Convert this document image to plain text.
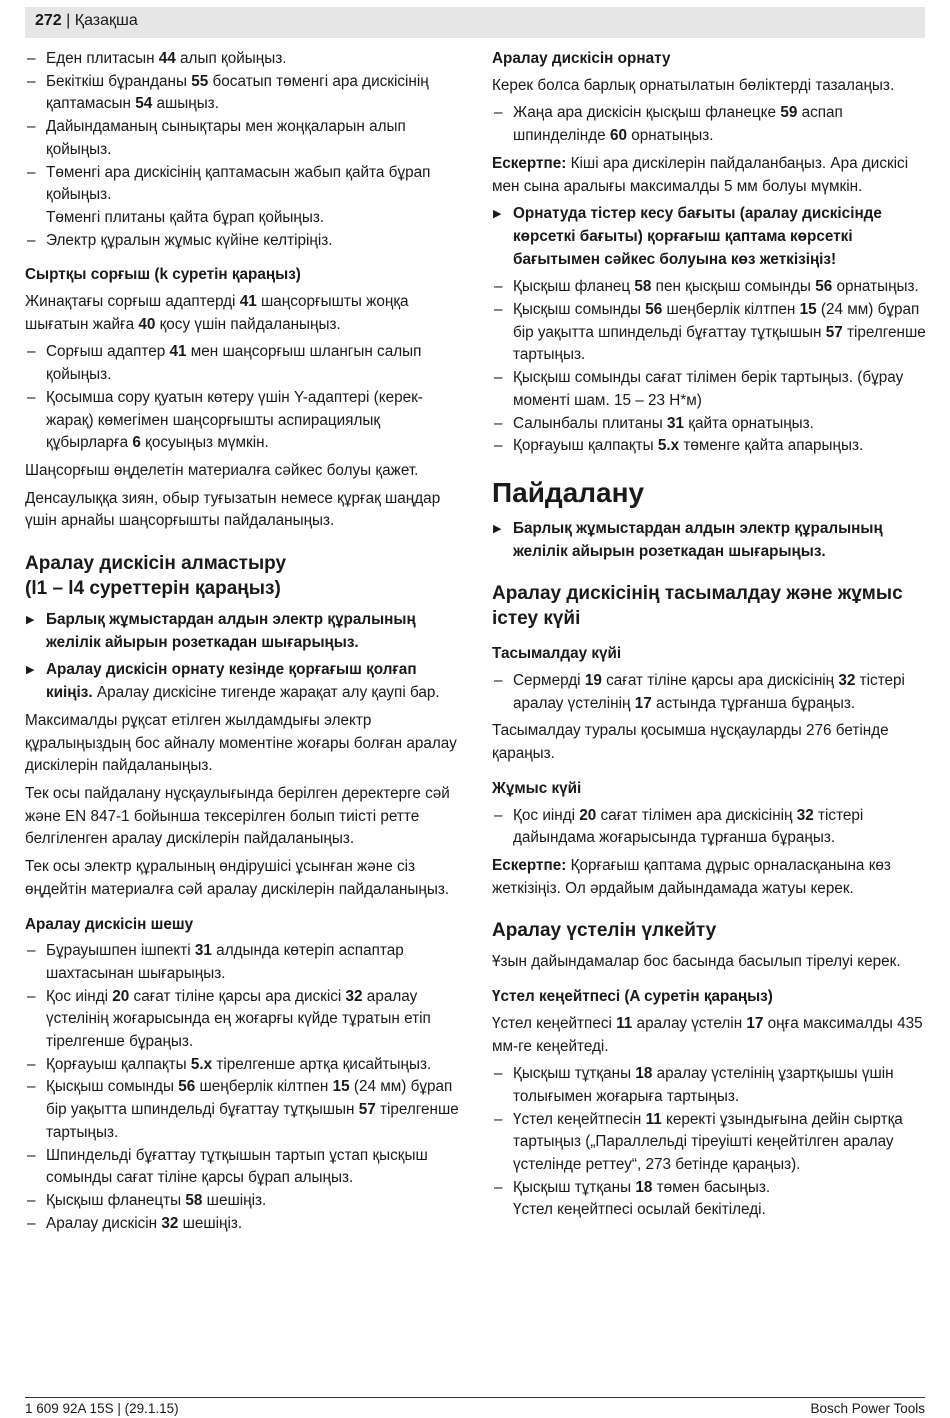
272 | Қазақша

– Еден плитасын 44 алып қойыңыз.

– Бекіткіш бұранданы 55 босатып төменгі ара дискісінің қаптамасын 54 ашыңыз.

– Дайындаманың сынықтары мен жоңқаларын алып қойыңыз.

– Төменгі ара дискісінің қаптамасын жабып қайта бұрап қойыңыз.

Төменгі плитаны қайта бұрап қойыңыз.

– Электр құралын жұмыс күйіне келтіріңіз.

Сыртқы сорғыш (k суретін қараңыз)

Жинақтағы сорғыш адаптерді 41 шаңсорғышты жоңқа шығатын жайға 40 қосу үшін пайдаланыңыз.

– Сорғыш адаптер 41 мен шаңсорғыш шлангын салып қойыңыз.

– Қосымша сору қуатын көтеру үшін Y-адаптері (керек-жарақ) көмегімен шаңсорғышты аспирациялық құбырларға 6 қосуыңыз мүмкін.

Шаңсорғыш өңделетін материалға сәйкес болуы қажет.

Денсаулыққа зиян, обыр туғызатын немесе құрғақ шаңдар үшін арнайы шаңсорғышты пайдаланыңыз.

Аралау дискісін алмастыру
(l1 – l4 суреттерін қараңыз)

▶ Барлық жұмыстардан алдын электр құралының желілік айырын розеткадан шығарыңыз.

▶ Аралау дискісін орнату кезінде қорғағыш қолғап киіңіз. Аралау дискісіне тигенде жарақат алу қаупі бар.

Максималды рұқсат етілген жылдамдығы электр құралыңыздың бос айналу моментіне жоғары болған аралау дискілерін пайдаланыңыз.

Тек осы пайдалану нұсқаулығында берілген деректерге сәй және EN 847-1 бойынша тексерілген болып тиісті ретте белгіленген аралау дискілерін пайдаланыңыз.

Тек осы электр құралының өндірушісі ұсынған және сіз өңдейтін материалға сәй аралау дискілерін пайдаланыңыз.

Аралау дискісін шешу

– Бұрауышпен ішпекті 31 алдында көтеріп аспаптар шахтасынан шығарыңыз.

– Қос иінді 20 сағат тіліне қарсы ара дискісі 32 аралау үстелінің жоғарысында ең жоғарғы күйде тұратын етіп тірелгенше бұраңыз.

– Қорғауыш қалпақты 5.x тірелгенше артқа қисайтыңыз.

– Қысқыш сомынды 56 шеңберлік кілтпен 15 (24 мм) бұрап бір уақытта шпиндельді бұғаттау тұтқышын 57 тірелгенше тартыңыз.

– Шпиндельді бұғаттау тұтқышын тартып ұстап қысқыш сомынды сағат тіліне қарсы бұрап алыңыз.

– Қысқыш фланецты 58 шешіңіз.

– Аралау дискісін 32 шешіңіз.

Аралау дискісін орнату

Керек болса барлық орнатылатын бөліктерді тазалаңыз.

– Жаңа ара дискісін қысқыш фланецке 59 аспап шпинделінде 60 орнатыңыз.

Ескертпе: Кіші ара дискілерін пайдаланбаңыз. Ара дискісі мен сына аралығы максималды 5 мм болуы мүмкін.

▶ Орнатуда тістер кесу бағыты (аралау дискісінде көрсеткі бағыты) қорғағыш қаптама көрсеткі бағытымен сәйкес болуына көз жеткізіңіз!

– Қысқыш фланец 58 пен қысқыш сомынды 56 орнатыңыз.

– Қысқыш сомынды 56 шеңберлік кілтпен 15 (24 мм) бұрап бір уақытта шпиндельді бұғаттау тұтқышын 57 тірелгенше тартыңыз.

– Қысқыш сомынды сағат тілімен берік тартыңыз. (бұрау моменті шам. 15 – 23 Н*м)

– Салынбалы плитаны 31 қайта орнатыңыз.

– Қорғауыш қалпақты 5.x төменге қайта апарыңыз.

Пайдалану

▶ Барлық жұмыстардан алдын электр құралының желілік айырын розеткадан шығарыңыз.

Аралау дискісінің тасымалдау және жұмыс істеу күйі
Тасымалдау күйі

– Сермерді 19 сағат тіліне қарсы ара дискісінің 32 тістері аралау үстелінің 17 астында тұрғанша бұраңыз.

Тасымалдау туралы қосымша нұсқауларды 276 бетінде қараңыз.

Жұмыс күйі

– Қос иінді 20 сағат тілімен ара дискісінің 32 тістері дайындама жоғарысында тұрғанша бұраңыз.

Ескертпе: Қорғағыш қаптама дұрыс орналасқанына көз жеткізіңіз. Ол әрдайым дайындамада жатуы керек.

Аралау үстелін үлкейту

Ұзын дайындамалар бос басында басылып тірелуі керек.

Үстел кеңейтпесі (A суретін қараңыз)

Үстел кеңейтпесі 11 аралау үстелін 17 оңға максималды 435 мм-ге кеңейтеді.

– Қысқыш тұтқаны 18 аралау үстелінің ұзартқышы үшін толығымен жоғарыға тартыңыз.

– Үстел кеңейтпесін 11 керекті ұзындығына дейін сыртқа тартыңыз („Параллельді тіреуішті кеңейтілген аралау үстелінде реттеу“, 273 бетінде қараңыз).

– Қысқыш тұтқаны 18 төмен басыңыз.

Үстел кеңейтпесі осылай бекітіледі.

1 609 92A 15S | (29.1.15)	Bosch Power Tools
